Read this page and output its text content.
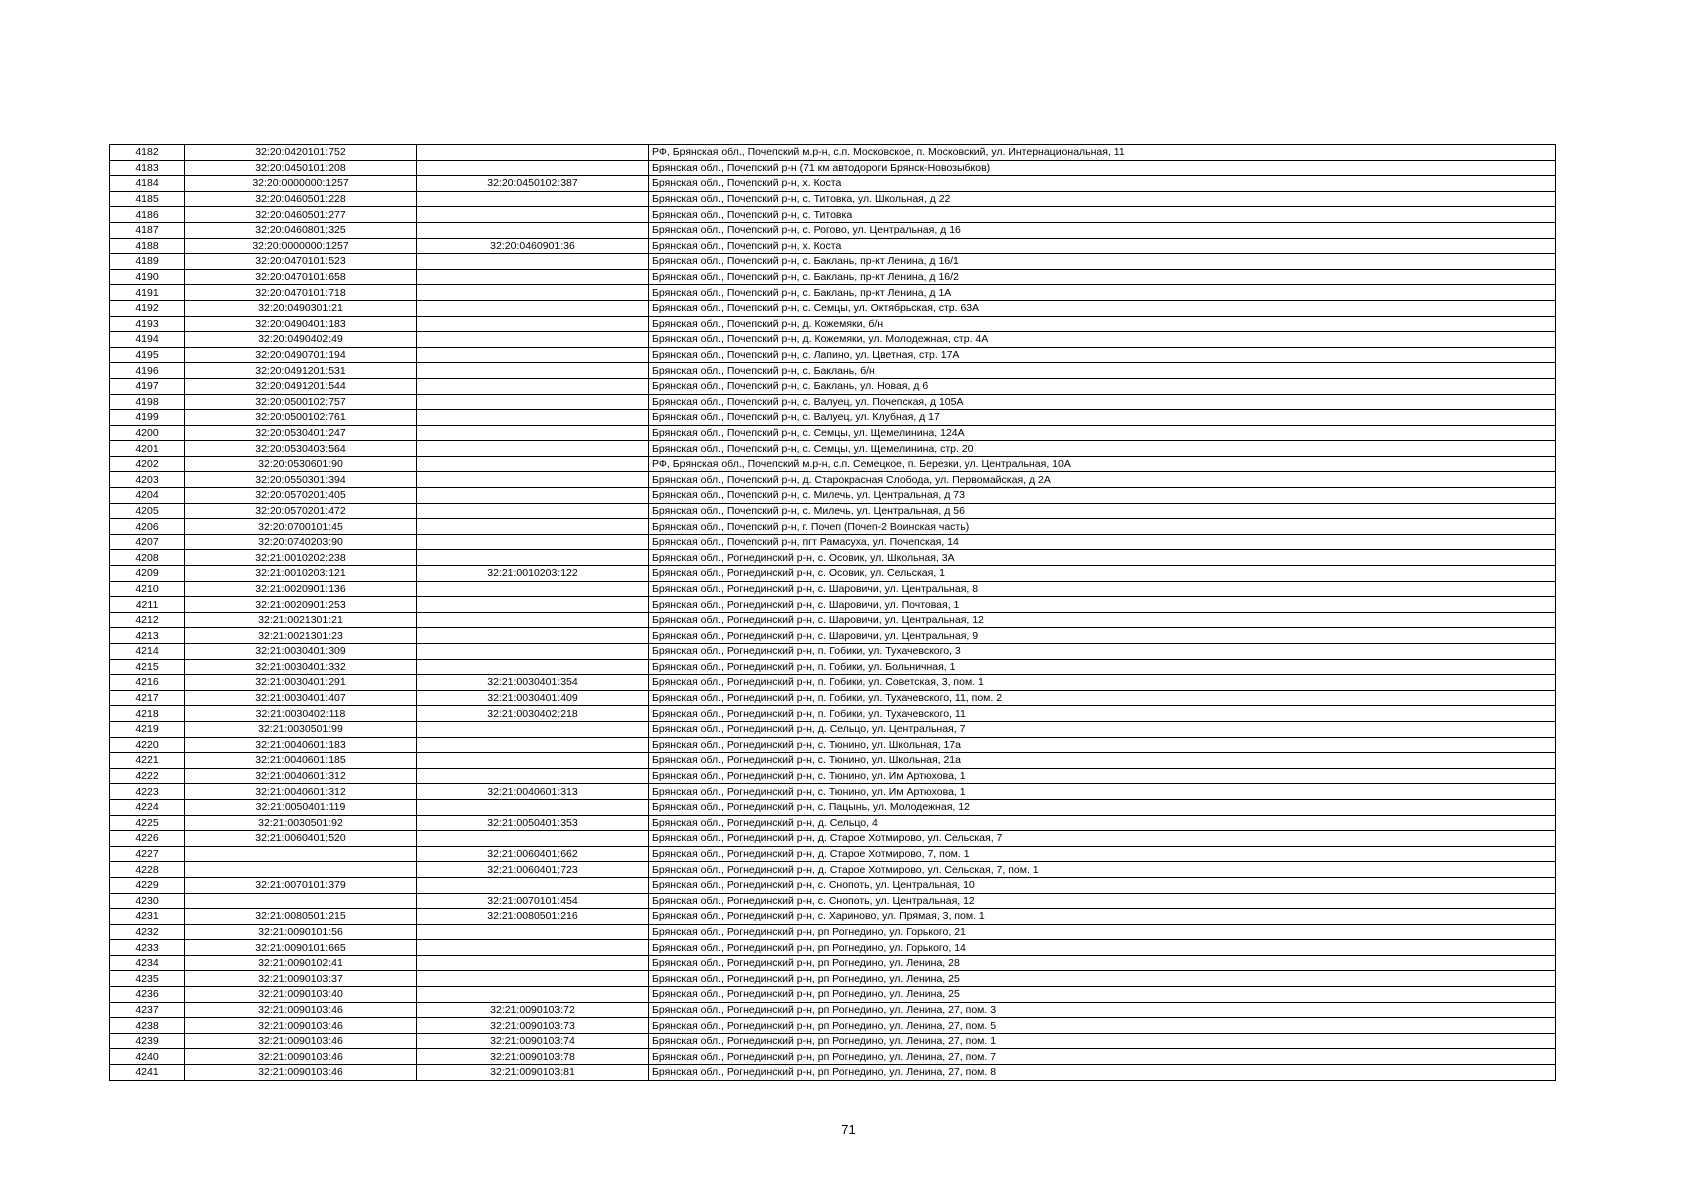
4182	32:20:0420101:752		РФ, Брянская обл., Почепский м.р-н, с.п. Московское, п. Московский, ул. Интернациональная, 11
4183	32:20:0450101:208		Брянская обл., Почепский р-н (71 км автодороги Брянск-Новозыбков)
4184	32:20:0000000:1257	32:20:0450102:387	Брянская обл., Почепский р-н, х. Коста
4185	32:20:0460501:228		Брянская обл., Почепский р-н, с. Титовка, ул. Школьная, д 22
4186	32:20:0460501:277		Брянская обл., Почепский р-н, с. Титовка
4187	32:20:0460801:325		Брянская обл., Почепский р-н, с. Рогово, ул. Центральная, д 16
4188	32:20:0000000:1257	32:20:0460901:36	Брянская обл., Почепский р-н, х. Коста
4189	32:20:0470101:523		Брянская обл., Почепский р-н, с. Баклань, пр-кт Ленина, д 16/1
4190	32:20:0470101:658		Брянская обл., Почепский р-н, с. Баклань, пр-кт Ленина, д 16/2
4191	32:20:0470101:718		Брянская обл., Почепский р-н, с. Баклань, пр-кт Ленина, д 1А
4192	32:20:0490301:21		Брянская обл., Почепский р-н, с. Семцы, ул. Октябрьская, стр. 63А
4193	32:20:0490401:183		Брянская обл., Почепский р-н, д. Кожемяки, б/н
4194	32:20:0490402:49		Брянская обл., Почепский р-н, д. Кожемяки, ул. Молодежная, стр. 4А
4195	32:20:0490701:194		Брянская обл., Почепский р-н, с. Лапино, ул. Цветная, стр. 17А
4196	32:20:0491201:531		Брянская обл., Почепский р-н, с. Баклань, б/н
4197	32:20:0491201:544		Брянская обл., Почепский р-н, с. Баклань, ул. Новая, д 6
4198	32:20:0500102:757		Брянская обл., Почепский р-н, с. Валуец, ул. Почепская, д 105А
4199	32:20:0500102:761		Брянская обл., Почепский р-н, с. Валуец, ул. Клубная, д 17
4200	32:20:0530401:247		Брянская обл., Почепский р-н, с. Семцы, ул. Щемелинина, 124А
4201	32:20:0530403:564		Брянская обл., Почепский р-н, с. Семцы, ул. Щемелинина, стр. 20
4202	32:20:0530601:90		РФ, Брянская обл., Почепский м.р-н, с.п. Семецкое, п. Березки, ул. Центральная, 10А
4203	32:20:0550301:394		Брянская обл., Почепский р-н, д. Старокрасная Слобода, ул. Первомайская, д 2А
4204	32:20:0570201:405		Брянская обл., Почепский р-н, с. Милечь, ул. Центральная, д 73
4205	32:20:0570201:472		Брянская обл., Почепский р-н, с. Милечь, ул. Центральная, д 56
4206	32:20:0700101:45		Брянская обл., Почепский р-н, г. Почеп (Почеп-2 Воинская часть)
4207	32:20:0740203:90		Брянская обл., Почепский р-н, пгт Рамасуха, ул. Почепская, 14
4208	32:21:0010202:238		Брянская обл., Рогнединский р-н, с. Осовик, ул. Школьная, 3А
4209	32:21:0010203:121	32:21:0010203:122	Брянская обл., Рогнединский р-н, с. Осовик, ул. Сельская, 1
4210	32:21:0020901:136		Брянская обл., Рогнединский р-н, с. Шаровичи, ул. Центральная, 8
4211	32:21:0020901:253		Брянская обл., Рогнединский р-н, с. Шаровичи, ул. Почтовая, 1
4212	32:21:0021301:21		Брянская обл., Рогнединский р-н, с. Шаровичи, ул. Центральная, 12
4213	32:21:0021301:23		Брянская обл., Рогнединский р-н, с. Шаровичи, ул. Центральная, 9
4214	32:21:0030401:309		Брянская обл., Рогнединский р-н, п. Гобики, ул. Тухачевского, 3
4215	32:21:0030401:332		Брянская обл., Рогнединский р-н, п. Гобики, ул. Больничная, 1
4216	32:21:0030401:291	32:21:0030401:354	Брянская обл., Рогнединский р-н, п. Гобики, ул. Советская, 3, пом. 1
4217	32:21:0030401:407	32:21:0030401:409	Брянская обл., Рогнединский р-н, п. Гобики, ул. Тухачевского, 11, пом. 2
4218	32:21:0030402:118	32:21:0030402:218	Брянская обл., Рогнединский р-н, п. Гобики, ул. Тухачевского, 11
4219	32:21:0030501:99		Брянская обл., Рогнединский р-н, д. Сельцо, ул. Центральная, 7
4220	32:21:0040601:183		Брянская обл., Рогнединский р-н, с. Тюнино, ул. Школьная, 17а
4221	32:21:0040601:185		Брянская обл., Рогнединский р-н, с. Тюнино, ул. Школьная, 21а
4222	32:21:0040601:312		Брянская обл., Рогнединский р-н, с. Тюнино, ул. Им Артюхова, 1
4223	32:21:0040601:312	32:21:0040601:313	Брянская обл., Рогнединский р-н, с. Тюнино, ул. Им Артюхова, 1
4224	32:21:0050401:119		Брянская обл., Рогнединский р-н, с. Пацынь, ул. Молодежная, 12
4225	32:21:0030501:92	32:21:0050401:353	Брянская обл., Рогнединский р-н, д. Сельцо, 4
4226	32:21:0060401:520		Брянская обл., Рогнединский р-н, д. Старое Хотмирово, ул. Сельская, 7
4227		32:21:0060401:662	Брянская обл., Рогнединский р-н, д. Старое Хотмирово, 7, пом. 1
4228		32:21:0060401:723	Брянская обл., Рогнединский р-н, д. Старое Хотмирово, ул. Сельская, 7, пом. 1
4229	32:21:0070101:379		Брянская обл., Рогнединский р-н, с. Снопоть, ул. Центральная, 10
4230		32:21:0070101:454	Брянская обл., Рогнединский р-н, с. Снопоть, ул. Центральная, 12
4231	32:21:0080501:215	32:21:0080501:216	Брянская обл., Рогнединский р-н, с. Хариново, ул. Прямая, 3, пом. 1
4232	32:21:0090101:56		Брянская обл., Рогнединский р-н, рп Рогнедино, ул. Горького, 21
4233	32:21:0090101:665		Брянская обл., Рогнединский р-н, рп Рогнедино, ул. Горького, 14
4234	32:21:0090102:41		Брянская обл., Рогнединский р-н, рп Рогнедино, ул. Ленина, 28
4235	32:21:0090103:37		Брянская обл., Рогнединский р-н, рп Рогнедино, ул. Ленина, 25
4236	32:21:0090103:40		Брянская обл., Рогнединский р-н, рп Рогнедино, ул. Ленина, 25
4237	32:21:0090103:46	32:21:0090103:72	Брянская обл., Рогнединский р-н, рп Рогнедино, ул. Ленина, 27, пом. 3
4238	32:21:0090103:46	32:21:0090103:73	Брянская обл., Рогнединский р-н, рп Рогнедино, ул. Ленина, 27, пом. 5
4239	32:21:0090103:46	32:21:0090103:74	Брянская обл., Рогнединский р-н, рп Рогнедино, ул. Ленина, 27, пом. 1
4240	32:21:0090103:46	32:21:0090103:78	Брянская обл., Рогнединский р-н, рп Рогнедино, ул. Ленина, 27, пом. 7
4241	32:21:0090103:46	32:21:0090103:81	Брянская обл., Рогнединский р-н, рп Рогнедино, ул. Ленина, 27, пом. 8
71
